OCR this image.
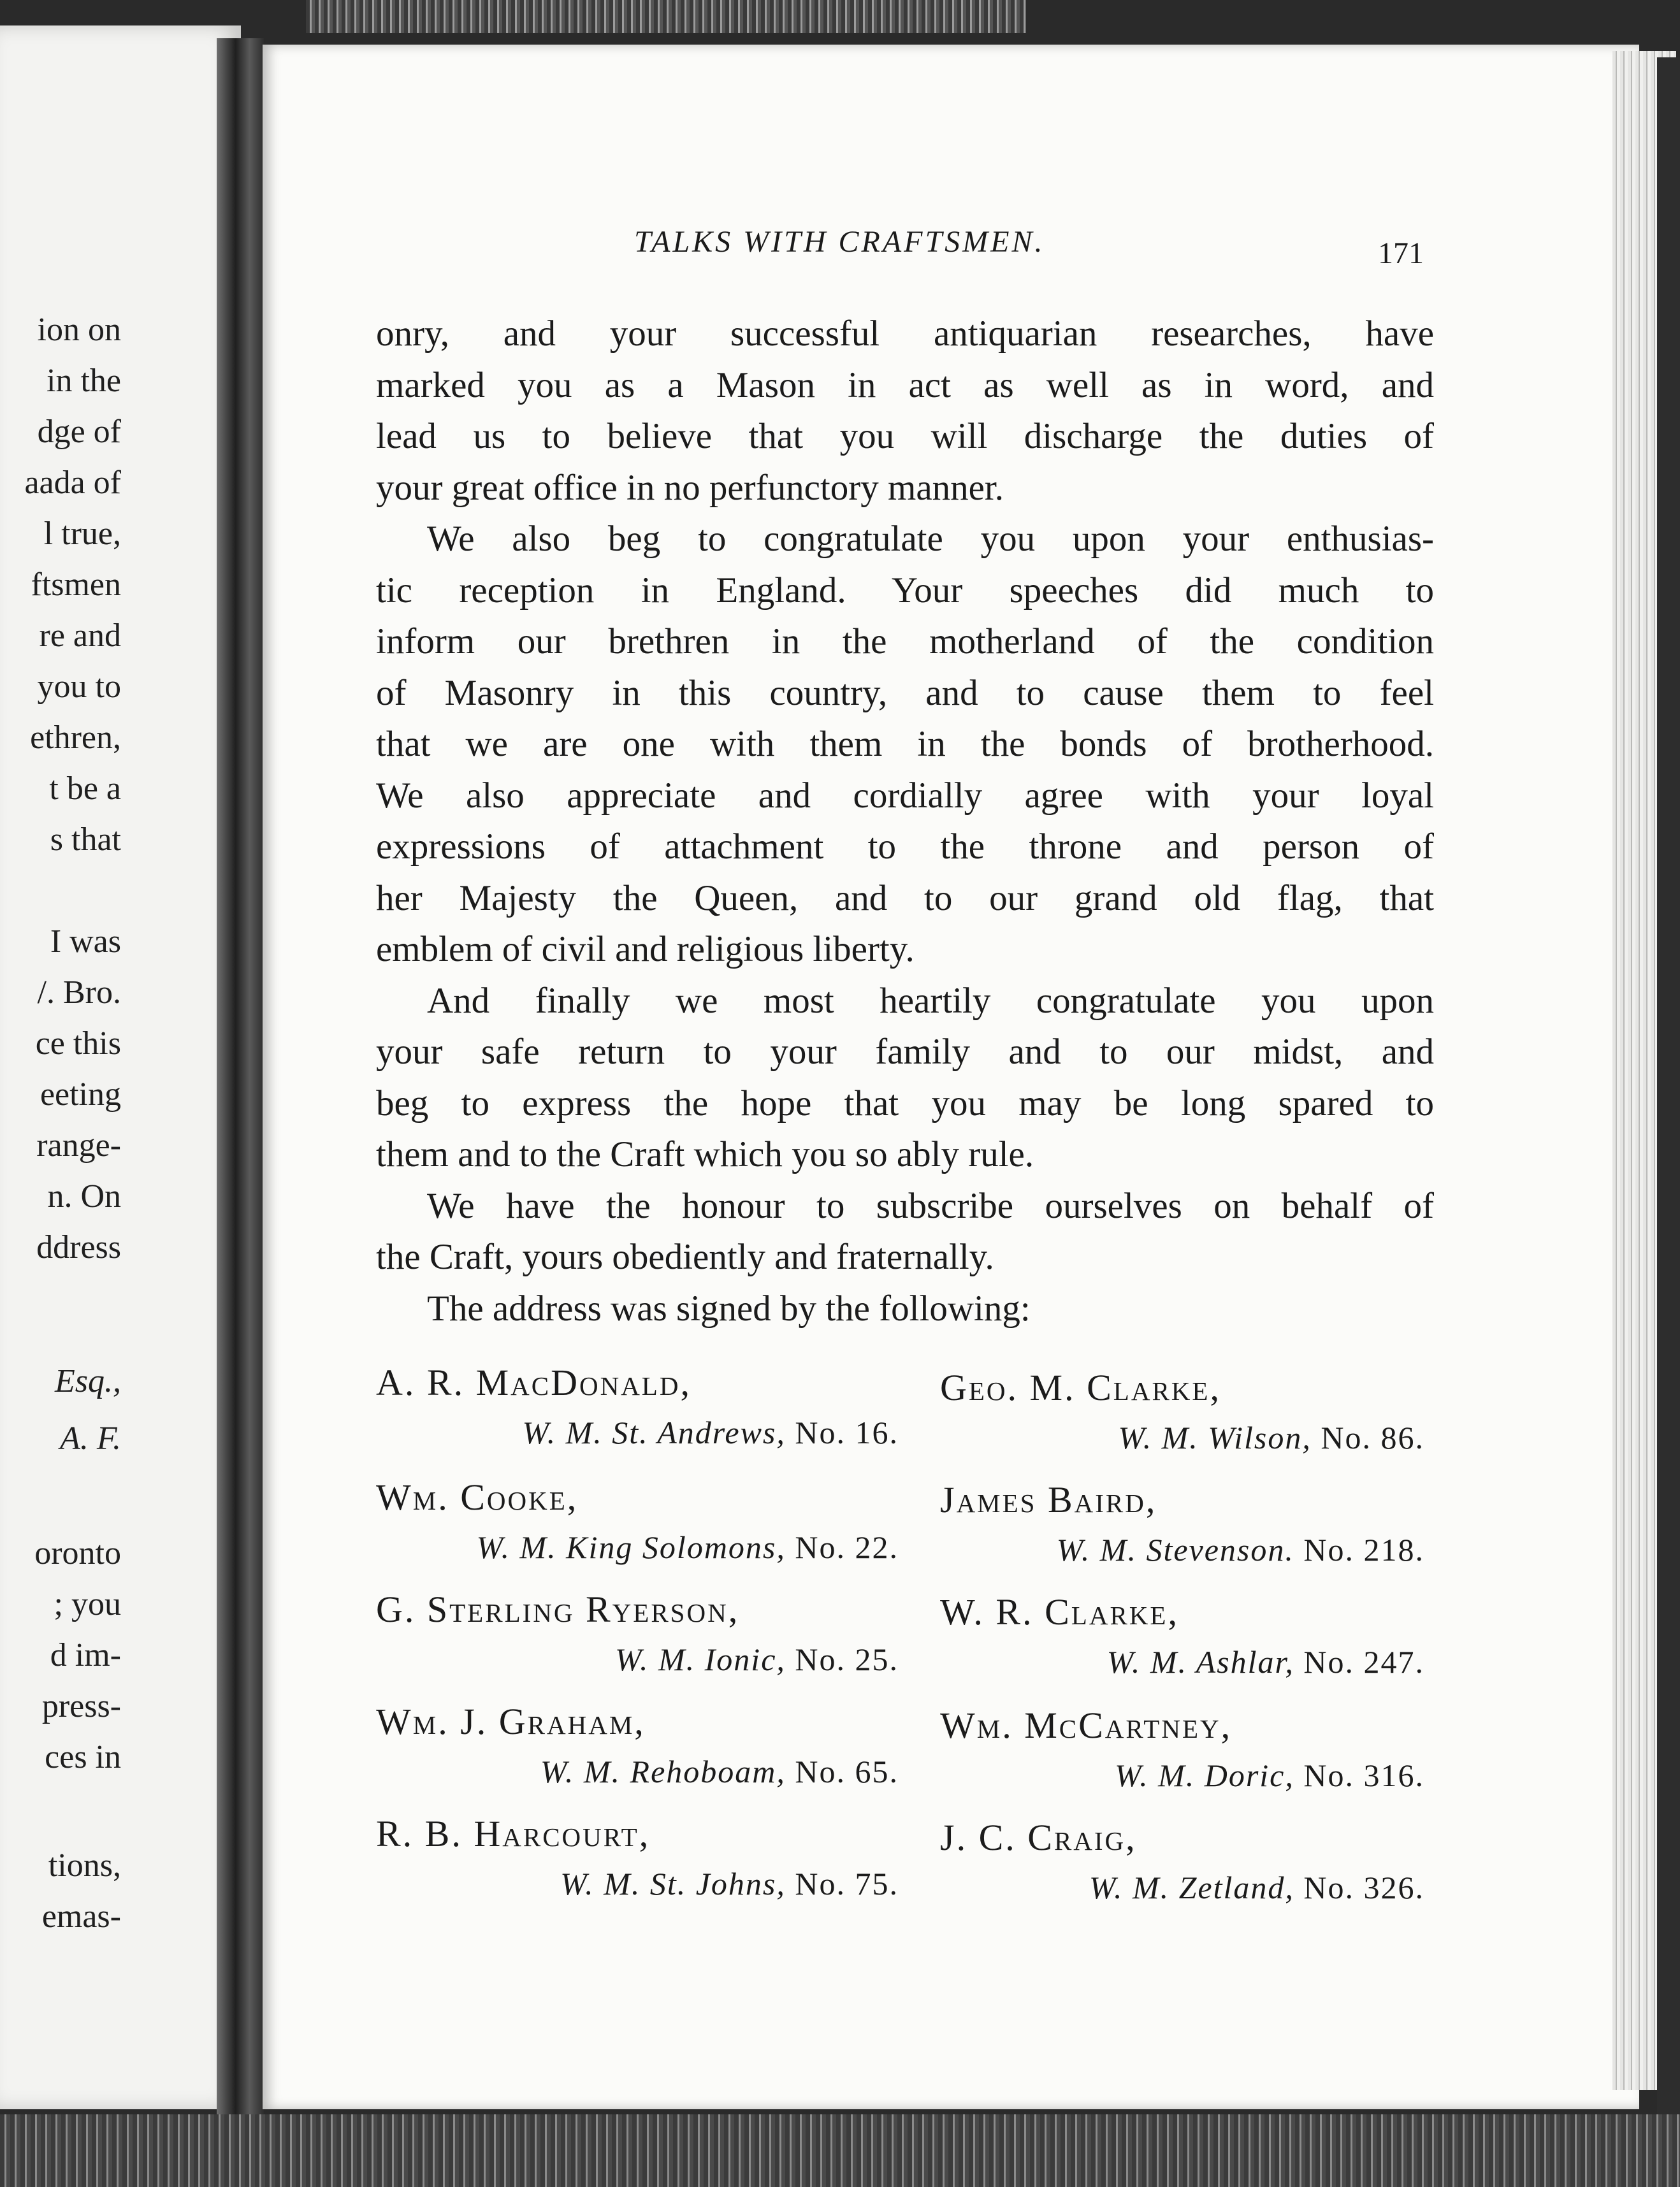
ion on
in the
dge of
aada of
l true,
ftsmen
re and
you to
ethren,
t be a
s that
I was
/. Bro.
ce this
eeting
range-
n. On
ddress
Esq.,
A. F.
oronto
; you
d im-
press-
ces in
tions,
emas-
TALKS WITH CRAFTSMEN.	171
onry, and your successful antiquarian researches, have
marked you as a Mason in act as well as in word, and
lead us to believe that you will discharge the duties of
your great office in no perfunctory manner.
We also beg to congratulate you upon your enthusias-
tic reception in England. Your speeches did much to
inform our brethren in the motherland of the condition
of Masonry in this country, and to cause them to feel
that we are one with them in the bonds of brotherhood.
We also appreciate and cordially agree with your loyal
expressions of attachment to the throne and person of
her Majesty the Queen, and to our grand old flag, that
emblem of civil and religious liberty.
And finally we most heartily congratulate you upon
your safe return to your family and to our midst, and
beg to express the hope that you may be long spared to
them and to the Craft which you so ably rule.
We have the honour to subscribe ourselves on behalf of
the Craft, yours obediently and fraternally.
The address was signed by the following:
A. R. MacDonald,
W. M. St. Andrews, No. 16.
Wm. Cooke,
W. M. King Solomons, No. 22.
G. Sterling Ryerson,
W. M. Ionic, No. 25.
Wm. J. Graham,
W. M. Rehoboam, No. 65.
R. B. Harcourt,
W. M. St. Johns, No. 75.
Geo. M. Clarke,
W. M. Wilson, No. 86.
James Baird,
W. M. Stevenson. No. 218.
W. R. Clarke,
W. M. Ashlar, No. 247.
Wm. McCartney,
W. M. Doric, No. 316.
J. C. Craig,
W. M. Zetland, No. 326.
